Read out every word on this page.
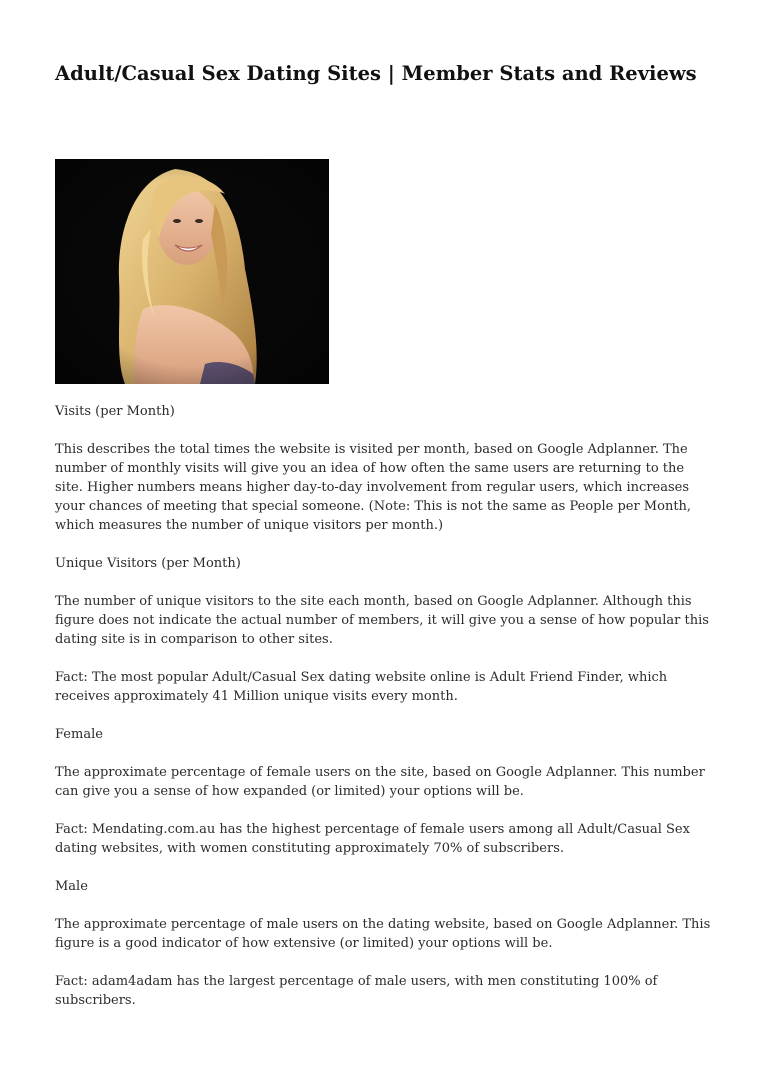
Adult/Casual Sex Dating Sites | Member Stats and Reviews

Visits (per Month)

This describes the total times the website is visited per month, based on Google Adplanner. The number of monthly visits will give you an idea of how often the same users are returning to the site. Higher numbers means higher day-to-day involvement from regular users, which increases your chances of meeting that special someone. (Note: This is not the same as People per Month, which measures the number of unique visitors per month.)

Unique Visitors (per Month)

The number of unique visitors to the site each month, based on Google Adplanner. Although this figure does not indicate the actual number of members, it will give you a sense of how popular this dating site is in comparison to other sites.

Fact: The most popular Adult/Casual Sex dating website online is Adult Friend Finder, which receives approximately 41 Million unique visits every month.

Female

The approximate percentage of female users on the site, based on Google Adplanner. This number can give you a sense of how expanded (or limited) your options will be.

Fact: Mendating.com.au has the highest percentage of female users among all Adult/Casual Sex dating websites, with women constituting approximately 70% of subscribers.

Male

The approximate percentage of male users on the dating website, based on Google Adplanner. This figure is a good indicator of how extensive (or limited) your options will be.

Fact: adam4adam has the largest percentage of male users, with men constituting 100% of subscribers.
